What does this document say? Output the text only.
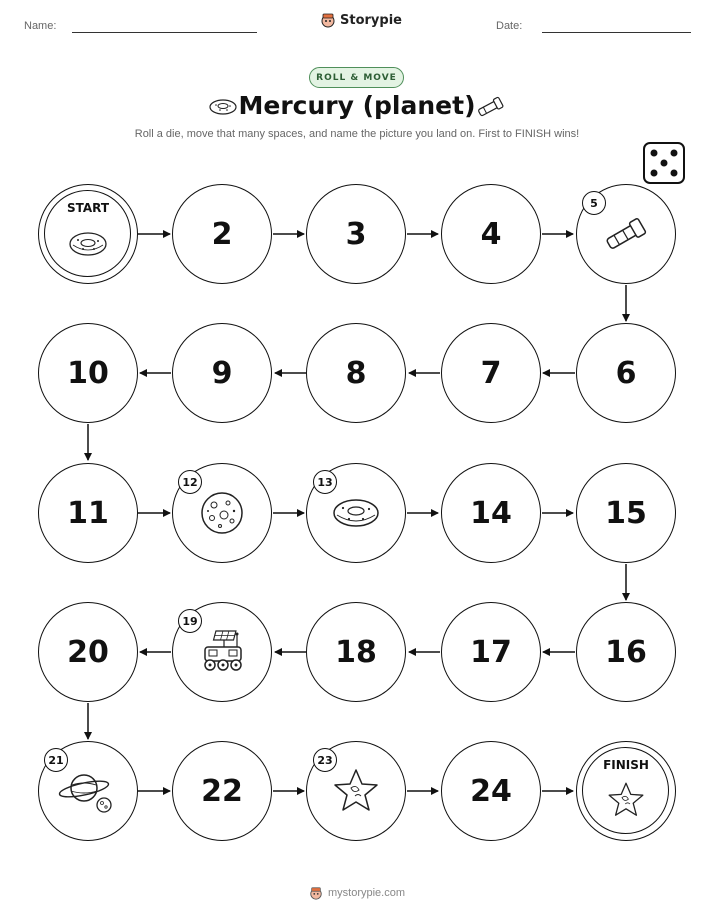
Name:	Storypie	Date:
ROLL & MOVE
Mercury (planet)
Roll a die, move that many spaces, and name the picture you land on. First to FINISH wins!
START
2	3	4
5
10	9	8	7	6
11
12	13
14	15
20
19
18	17	16
21
22
23
24
FINISH
mystorypie.com
